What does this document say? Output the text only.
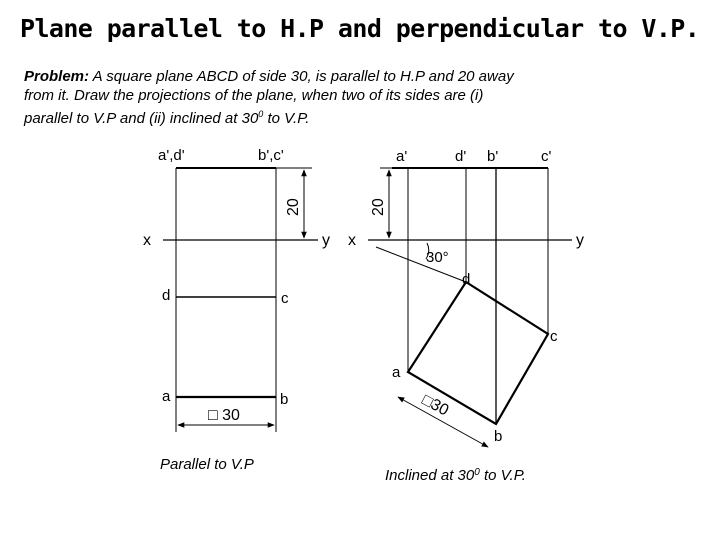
Plane parallel to H.P and perpendicular to V.P.
Problem: A square plane ABCD of side 30, is parallel to H.P and 20 away
from it. Draw the projections of the plane, when two of its sides are (i)
parallel to V.P and (ii) inclined at $30^0$ to V.P.
x	y
a',d'	b',c'
20
d	c
a	b
□ 30
x	y
a'	d' b'	c'
20
30°
d
c
a
b
□30
Parallel to V.P
Inclined at $30^0$ to V.P.
